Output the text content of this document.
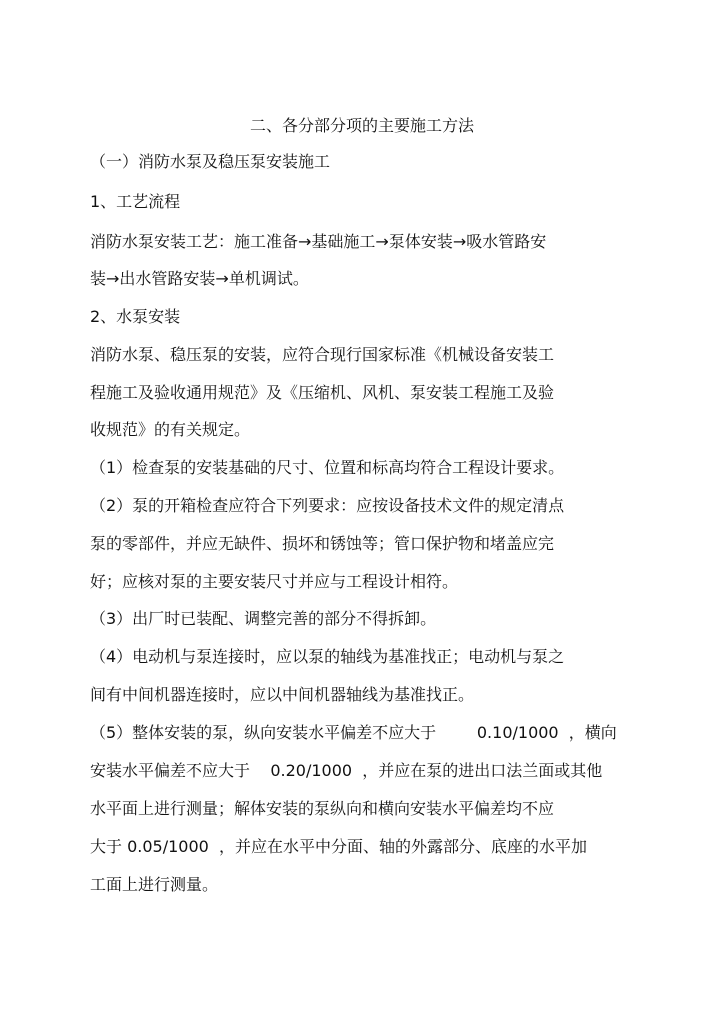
二、各分部分项的主要施工方法
（一）消防水泵及稳压泵安装施工
1、工艺流程
消防水泵安装工艺：施工准备→基础施工→泵体安装→吸水管路安
装→出水管路安装→单机调试。
2、水泵安装
消防水泵、稳压泵的安装，应符合现行国家标准《机械设备安装工
程施工及验收通用规范》及《压缩机、风机、泵安装工程施工及验
收规范》的有关规定。
（1）检查泵的安装基础的尺寸、位置和标高均符合工程设计要求。
（2）泵的开箱检查应符合下列要求：应按设备技术文件的规定清点
泵的零部件，并应无缺件、损坏和锈蚀等；管口保护物和堵盖应完
好；应核对泵的主要安装尺寸并应与工程设计相符。
（3）出厂时已装配、调整完善的部分不得拆卸。
（4）电动机与泵连接时，应以泵的轴线为基准找正；电动机与泵之
间有中间机器连接时，应以中间机器轴线为基准找正。
（5）整体安装的泵，纵向安装水平偏差不应大于        0.10/1000  ，横向
安装水平偏差不应大于    0.20/1000  ，并应在泵的进出口法兰面或其他
水平面上进行测量；解体安装的泵纵向和横向安装水平偏差均不应
大于 0.05/1000  ，并应在水平中分面、轴的外露部分、底座的水平加
工面上进行测量。
